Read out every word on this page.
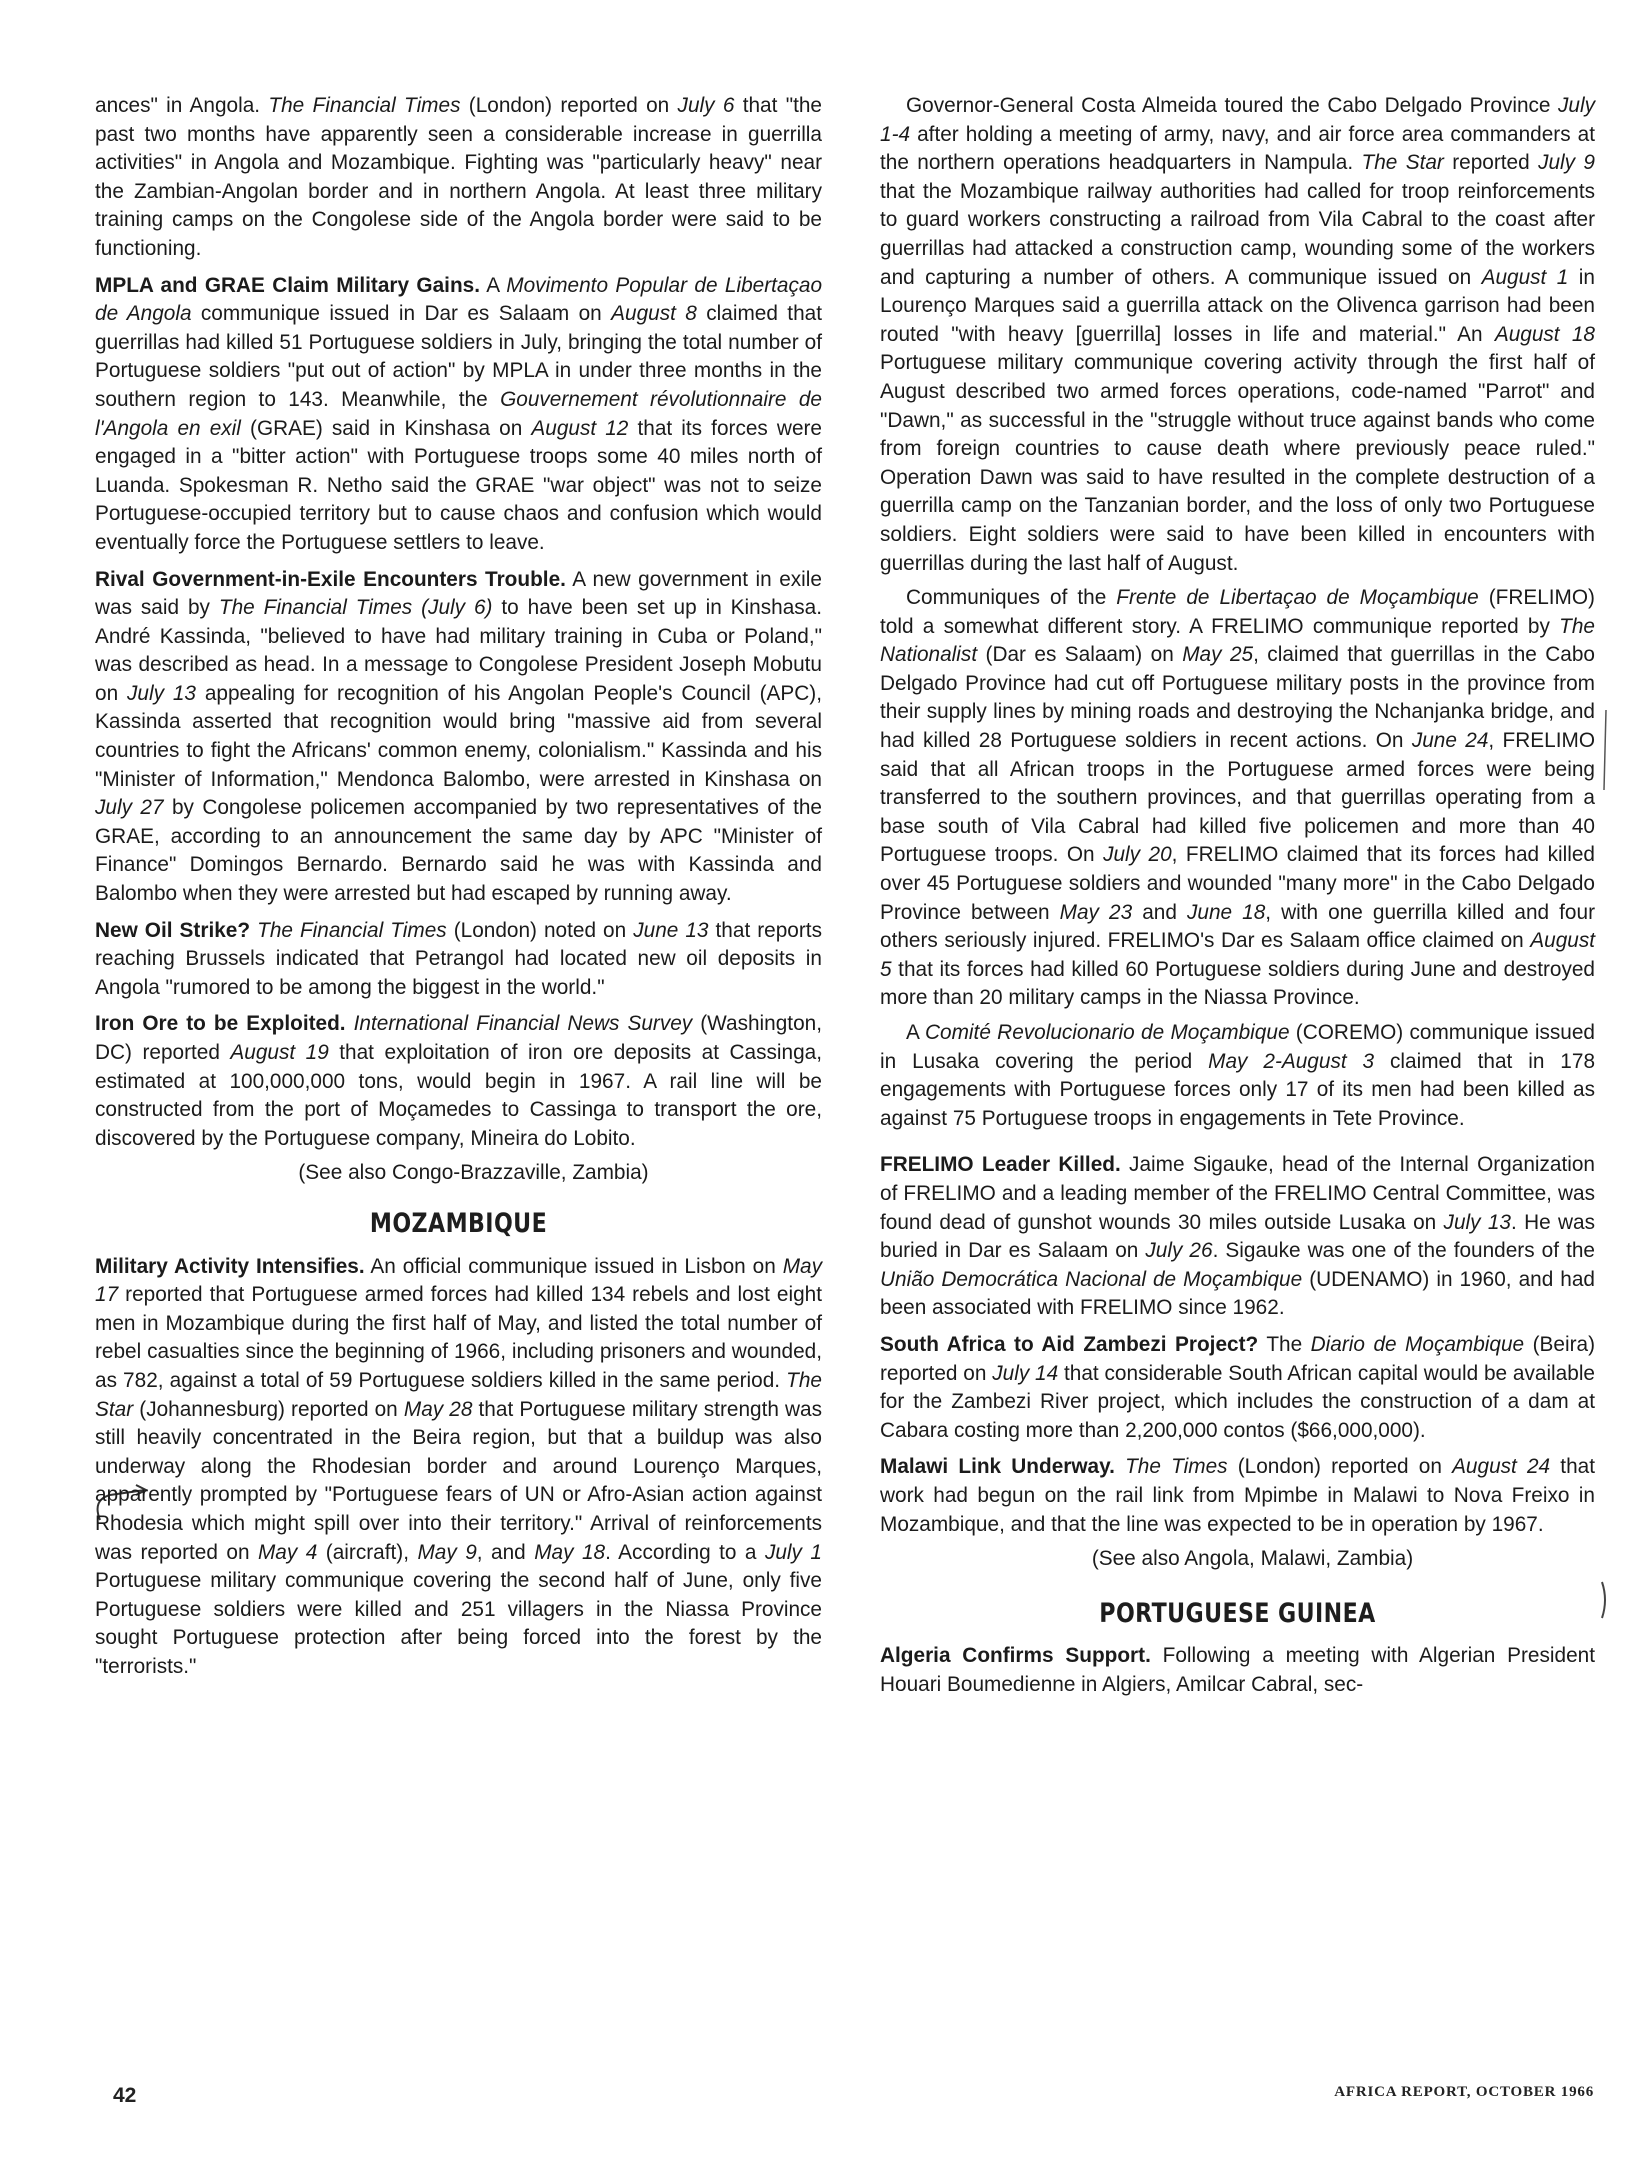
ances" in Angola. The Financial Times (London) reported on July 6 that "the past two months have apparently seen a considerable increase in guerrilla activities" in Angola and Mozambique. Fighting was "particularly heavy" near the Zambian-Angolan border and in northern Angola. At least three military training camps on the Congolese side of the Angola border were said to be functioning.

MPLA and GRAE Claim Military Gains. A Movimento Popular de Libertaçao de Angola communique issued in Dar es Salaam on August 8 claimed that guerrillas had killed 51 Portuguese soldiers in July, bringing the total number of Portuguese soldiers "put out of action" by MPLA in under three months in the southern region to 143. Meanwhile, the Gouvernement révolutionnaire de l'Angola en exil (GRAE) said in Kinshasa on August 12 that its forces were engaged in a "bitter action" with Portuguese troops some 40 miles north of Luanda. Spokesman R. Netho said the GRAE "war object" was not to seize Portuguese-occupied territory but to cause chaos and confusion which would eventually force the Portuguese settlers to leave.

Rival Government-in-Exile Encounters Trouble. A new government in exile was said by The Financial Times (July 6) to have been set up in Kinshasa. André Kassinda, "believed to have had military training in Cuba or Poland," was described as head. In a message to Congolese President Joseph Mobutu on July 13 appealing for recognition of his Angolan People's Council (APC), Kassinda asserted that recognition would bring "massive aid from several countries to fight the Africans' common enemy, colonialism." Kassinda and his "Minister of Information," Mendonca Balombo, were arrested in Kinshasa on July 27 by Congolese policemen accompanied by two representatives of the GRAE, according to an announcement the same day by APC "Minister of Finance" Domingos Bernardo. Bernardo said he was with Kassinda and Balombo when they were arrested but had escaped by running away.

New Oil Strike? The Financial Times (London) noted on June 13 that reports reaching Brussels indicated that Petrangol had located new oil deposits in Angola "rumored to be among the biggest in the world."

Iron Ore to be Exploited. International Financial News Survey (Washington, DC) reported August 19 that exploitation of iron ore deposits at Cassinga, estimated at 100,000,000 tons, would begin in 1967. A rail line will be constructed from the port of Moçamedes to Cassinga to transport the ore, discovered by the Portuguese company, Mineira do Lobito.

(See also Congo-Brazzaville, Zambia)

MOZAMBIQUE

Military Activity Intensifies. An official communique issued in Lisbon on May 17 reported that Portuguese armed forces had killed 134 rebels and lost eight men in Mozambique during the first half of May, and listed the total number of rebel casualties since the beginning of 1966, including prisoners and wounded, as 782, against a total of 59 Portuguese soldiers killed in the same period. The Star (Johannesburg) reported on May 28 that Portuguese military strength was still heavily concentrated in the Beira region, but that a buildup was also underway along the Rhodesian border and around Lourenço Marques, apparently prompted by "Portuguese fears of UN or Afro-Asian action against Rhodesia which might spill over into their territory." Arrival of reinforcements was reported on May 4 (aircraft), May 9, and May 18. According to a July 1 Portuguese military communique covering the second half of June, only five Portuguese soldiers were killed and 251 villagers in the Niassa Province sought Portuguese protection after being forced into the forest by the "terrorists."

Governor-General Costa Almeida toured the Cabo Delgado Province July 1-4 after holding a meeting of army, navy, and air force area commanders at the northern operations headquarters in Nampula. The Star reported July 9 that the Mozambique railway authorities had called for troop reinforcements to guard workers constructing a railroad from Vila Cabral to the coast after guerrillas had attacked a construction camp, wounding some of the workers and capturing a number of others. A communique issued on August 1 in Lourenço Marques said a guerrilla attack on the Olivenca garrison had been routed "with heavy [guerrilla] losses in life and material." An August 18 Portuguese military communique covering activity through the first half of August described two armed forces operations, code-named "Parrot" and "Dawn," as successful in the "struggle without truce against bands who come from foreign countries to cause death where previously peace ruled." Operation Dawn was said to have resulted in the complete destruction of a guerrilla camp on the Tanzanian border, and the loss of only two Portuguese soldiers. Eight soldiers were said to have been killed in encounters with guerrillas during the last half of August.

Communiques of the Frente de Libertaçao de Moçambique (FRELIMO) told a somewhat different story. A FRELIMO communique reported by The Nationalist (Dar es Salaam) on May 25, claimed that guerrillas in the Cabo Delgado Province had cut off Portuguese military posts in the province from their supply lines by mining roads and destroying the Nchanjanka bridge, and had killed 28 Portuguese soldiers in recent actions. On June 24, FRELIMO said that all African troops in the Portuguese armed forces were being transferred to the southern provinces, and that guerrillas operating from a base south of Vila Cabral had killed five policemen and more than 40 Portuguese troops. On July 20, FRELIMO claimed that its forces had killed over 45 Portuguese soldiers and wounded "many more" in the Cabo Delgado Province between May 23 and June 18, with one guerrilla killed and four others seriously injured. FRELIMO's Dar es Salaam office claimed on August 5 that its forces had killed 60 Portuguese soldiers during June and destroyed more than 20 military camps in the Niassa Province.

A Comité Revolucionario de Moçambique (COREMO) communique issued in Lusaka covering the period May 2-August 3 claimed that in 178 engagements with Portuguese forces only 17 of its men had been killed as against 75 Portuguese troops in engagements in Tete Province.

FRELIMO Leader Killed. Jaime Sigauke, head of the Internal Organization of FRELIMO and a leading member of the FRELIMO Central Committee, was found dead of gunshot wounds 30 miles outside Lusaka on July 13. He was buried in Dar es Salaam on July 26. Sigauke was one of the founders of the União Democrática Nacional de Moçambique (UDENAMO) in 1960, and had been associated with FRELIMO since 1962.

South Africa to Aid Zambezi Project? The Diario de Moçambique (Beira) reported on July 14 that considerable South African capital would be available for the Zambezi River project, which includes the construction of a dam at Cabara costing more than 2,200,000 contos ($66,000,000).

Malawi Link Underway. The Times (London) reported on August 24 that work had begun on the rail link from Mpimbe in Malawi to Nova Freixo in Mozambique, and that the line was expected to be in operation by 1967.

(See also Angola, Malawi, Zambia)

PORTUGUESE GUINEA

Algeria Confirms Support. Following a meeting with Algerian President Houari Boumedienne in Algiers, Amilcar Cabral, sec-

42	AFRICA REPORT, OCTOBER 1966
